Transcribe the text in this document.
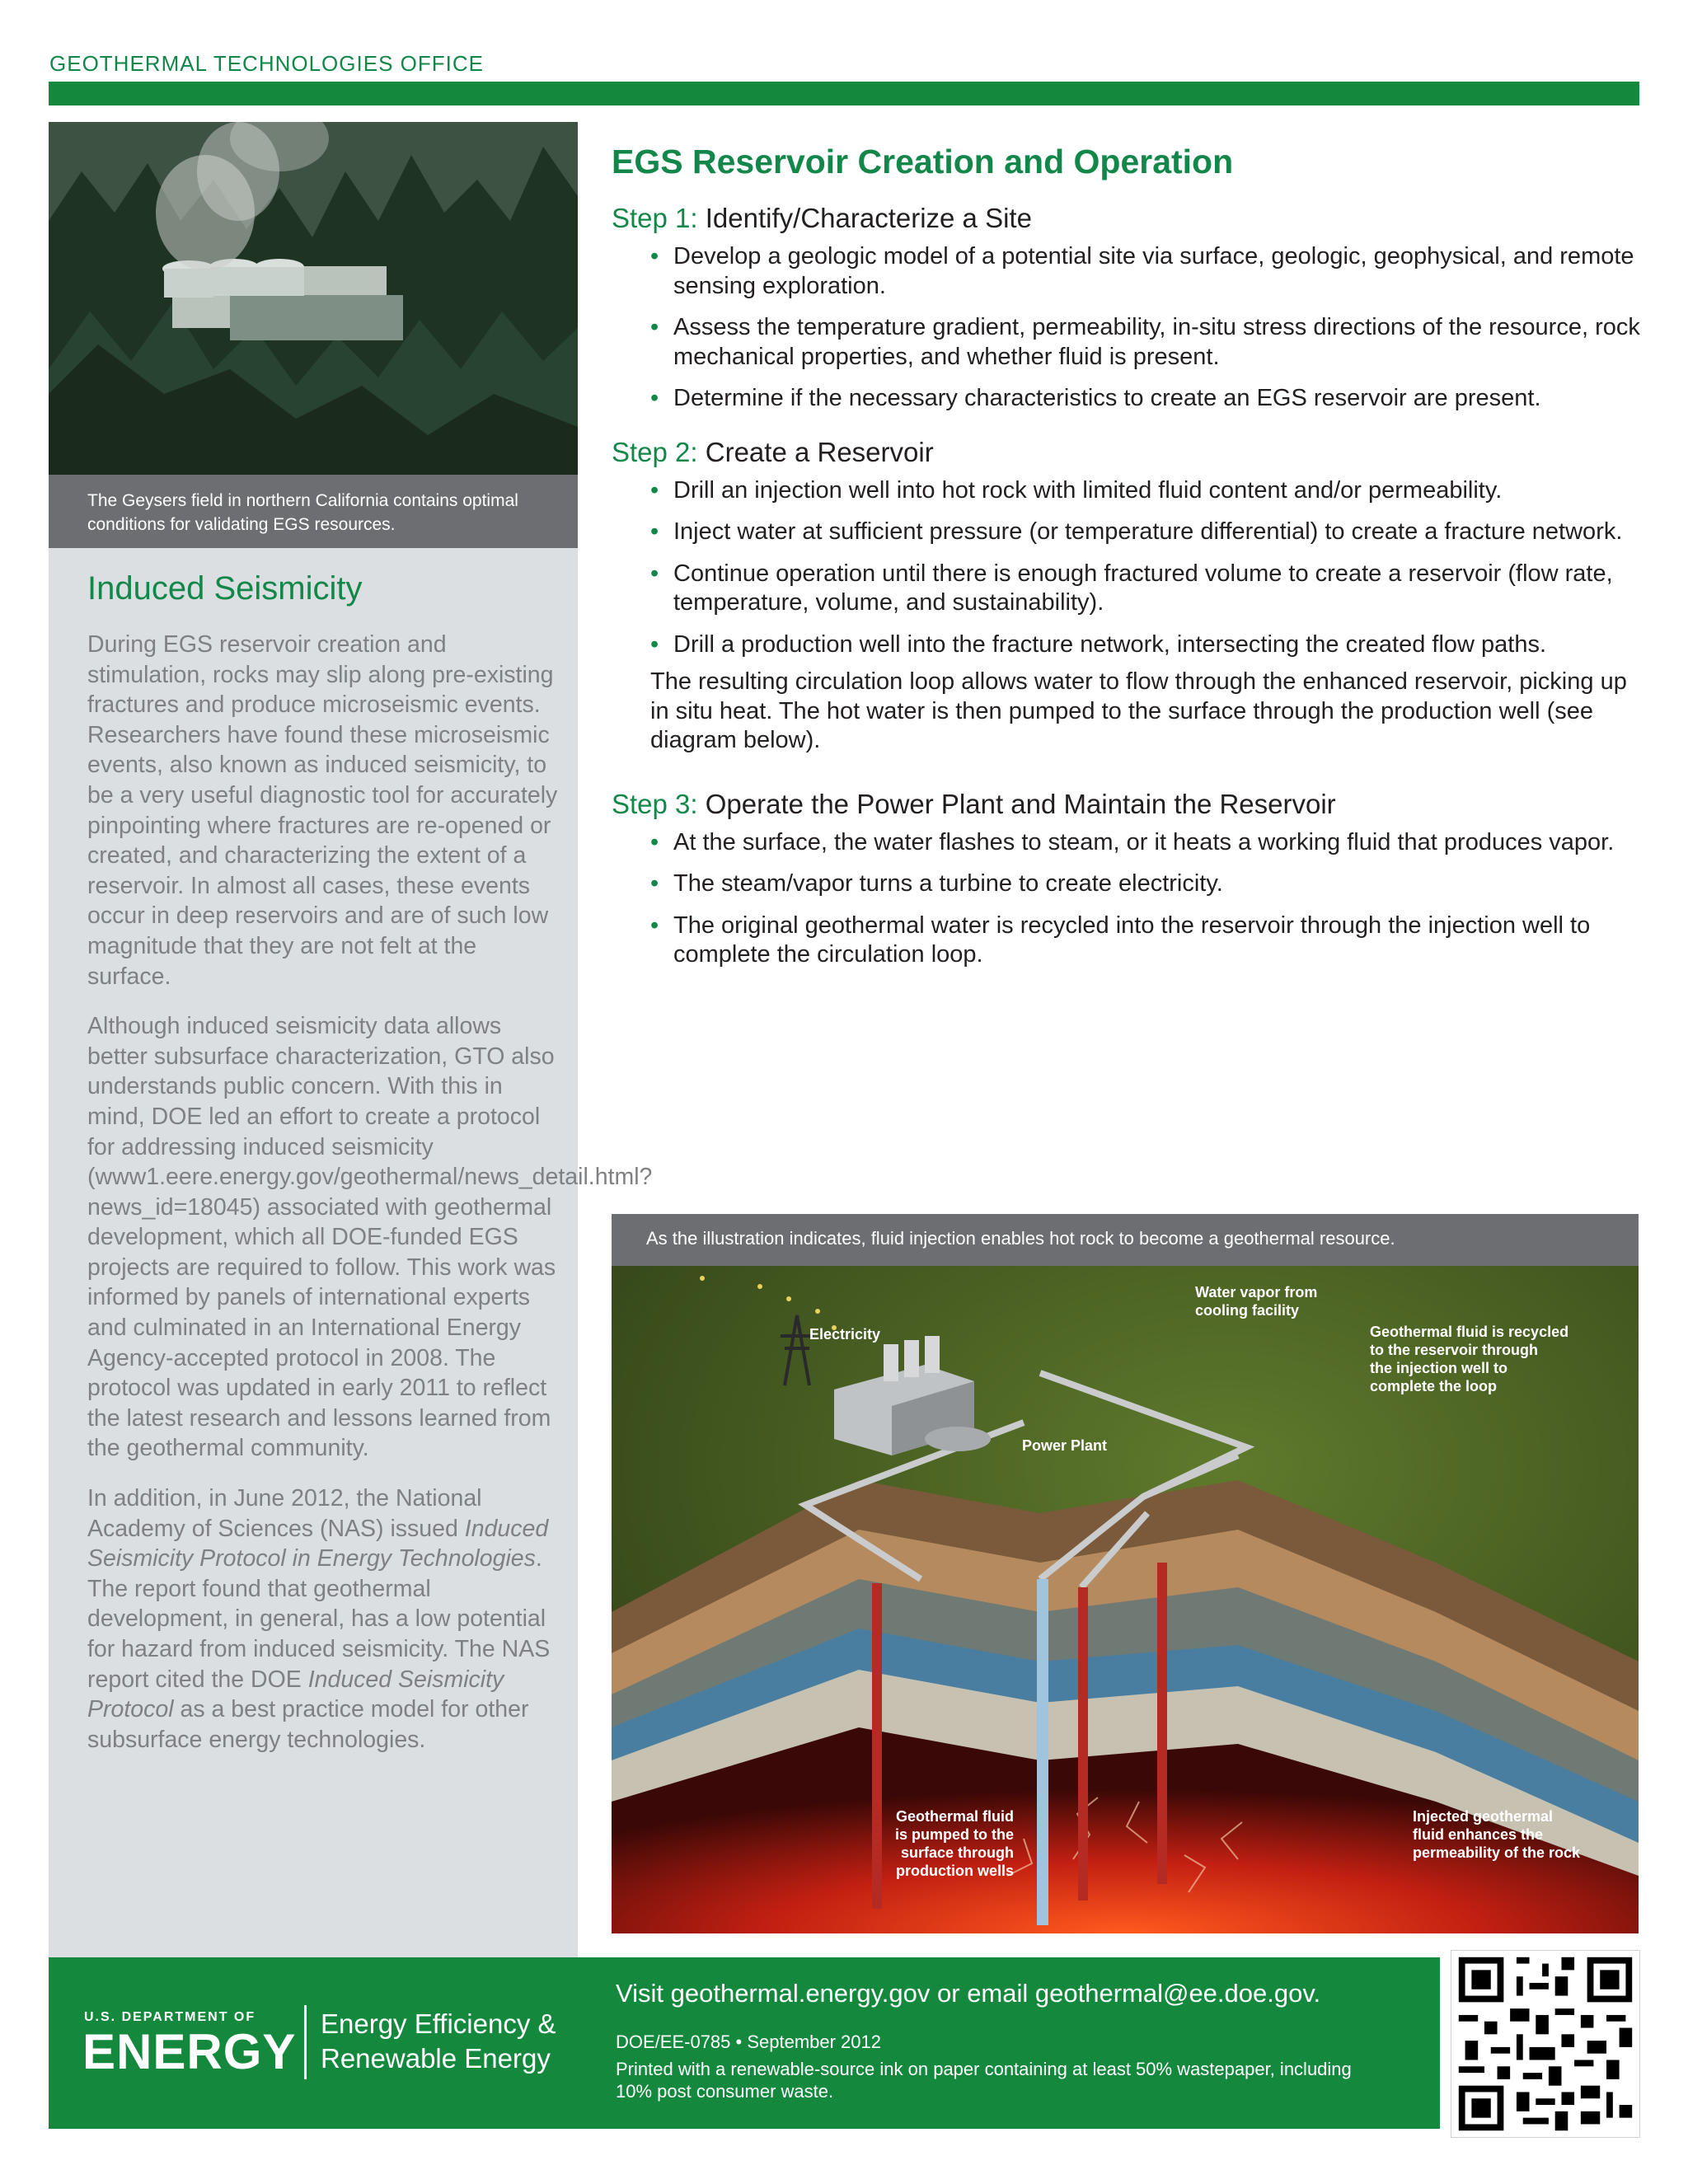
GEOTHERMAL TECHNOLOGIES OFFICE

The Geysers field in northern California contains optimal conditions for validating EGS resources.

Induced Seismicity

During EGS reservoir creation and stimulation, rocks may slip along pre-existing fractures and produce microseismic events. Researchers have found these microseismic events, also known as induced seismicity, to be a very useful diagnostic tool for accurately pinpointing where fractures are re-opened or created, and characterizing the extent of a reservoir. In almost all cases, these events occur in deep reservoirs and are of such low magnitude that they are not felt at the surface.

Although induced seismicity data allows better subsurface characterization, GTO also understands public concern. With this in mind, DOE led an effort to create a protocol for addressing induced seismicity (www1.eere.energy.gov/geothermal/news_detail.html?news_id=18045) associated with geothermal development, which all DOE-funded EGS projects are required to follow. This work was informed by panels of international experts and culminated in an International Energy Agency-accepted protocol in 2008. The protocol was updated in early 2011 to reflect the latest research and lessons learned from the geothermal community.

In addition, in June 2012, the National Academy of Sciences (NAS) issued Induced Seismicity Protocol in Energy Technologies. The report found that geothermal development, in general, has a low potential for hazard from induced seismicity. The NAS report cited the DOE Induced Seismicity Protocol as a best practice model for other subsurface energy technologies.

EGS Reservoir Creation and Operation
Step 1: Identify/Characterize a Site
• Develop a geologic model of a potential site via surface, geologic, geophysical, and remote sensing exploration.
• Assess the temperature gradient, permeability, in-situ stress directions of the resource, rock mechanical properties, and whether fluid is present.
• Determine if the necessary characteristics to create an EGS reservoir are present.
Step 2: Create a Reservoir
• Drill an injection well into hot rock with limited fluid content and/or permeability.
• Inject water at sufficient pressure (or temperature differential) to create a fracture network.
• Continue operation until there is enough fractured volume to create a reservoir (flow rate, temperature, volume, and sustainability).
• Drill a production well into the fracture network, intersecting the created flow paths.

The resulting circulation loop allows water to flow through the enhanced reservoir, picking up in situ heat. The hot water is then pumped to the surface through the production well (see diagram below).

Step 3: Operate the Power Plant and Maintain the Reservoir
• At the surface, the water flashes to steam, or it heats a working fluid that produces vapor.
• The steam/vapor turns a turbine to create electricity.
• The original geothermal water is recycled into the reservoir through the injection well to complete the circulation loop.

As the illustration indicates, fluid injection enables hot rock to become a geothermal resource.

Water vapor from
cooling facility
Electricity	Geothermal fluid is recycled
to the reservoir through
the injection well to
complete the loop
Power Plant
Geothermal fluid
is pumped to the
surface through
production wells
Injected geothermal
fluid enhances the
permeability of the rock
U.S. DEPARTMENT OF
ENERGY
Energy Efficiency &
Renewable Energy
Visit geothermal.energy.gov or email geothermal@ee.doe.gov.
DOE/EE-0785 • September 2012
Printed with a renewable-source ink on paper containing at least 50% wastepaper, including 10% post consumer waste.
